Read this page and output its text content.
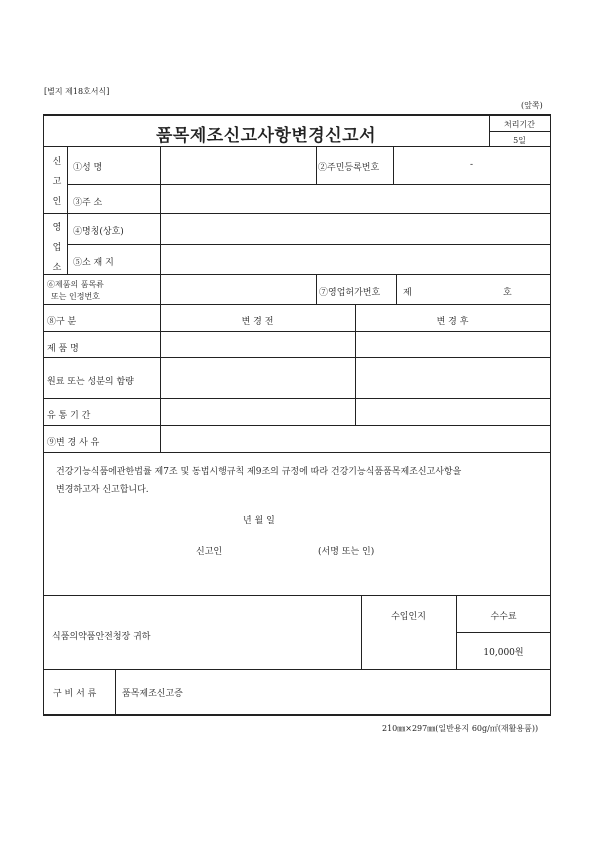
[별지 제18호서식]
(앞쪽)
품목제조신고사항변경신고서
처리기간
5일
신
고
인
①성 명	②주민등록번호	-
③주 소
영
업
소
④명칭(상호)
⑤소 재 지
⑥제품의 품목류
또는 인정번호	⑦영업허가번호	제	호
⑧구 분	변 경 전	변 경 후
제 품 명
원료 또는 성분의 함량
유 통 기 간
⑨변 경 사 유
건강기능식품에관한법률 제7조 및 동법시행규칙 제9조의 규정에 따라 건강기능식품품목제조신고사항을
변경하고자 신고합니다.
년 월 일
신고인	(서명 또는 인)
식품의약품안전청장 귀하
수입인지	수수료
10,000원
구 비 서 류	품목제조신고증
210㎜×297㎜(일반용지 60g/㎡(재활용품))
